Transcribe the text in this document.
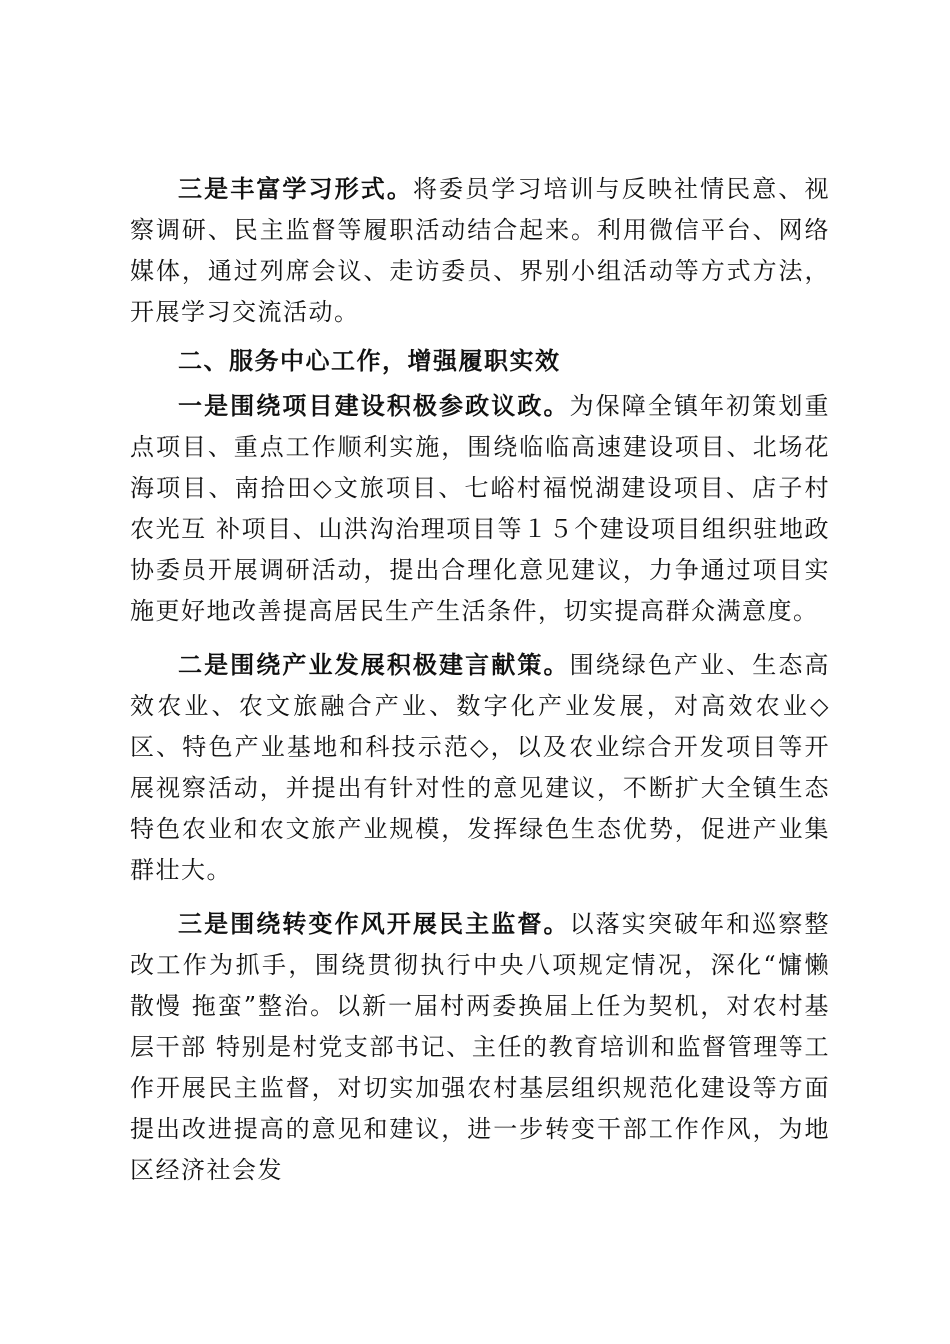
三是丰富学习形式。将委员学习培训与反映社情民意、视察调研、民主监督等履职活动结合起来。利用微信平台、网络媒体，通过列席会议、走访委员、界别小组活动等方式方法，开展学习交流活动。

二、服务中心工作，增强履职实效

一是围绕项目建设积极参政议政。为保障全镇年初策划重点项目、重点工作顺利实施，围绕临临高速建设项目、北场花海项目、南拾田◇文旅项目、七峪村福悦湖建设项目、店子村农光互 补项目、山洪沟治理项目等１５个建设项目组织驻地政协委员开展调研活动，提出合理化意见建议，力争通过项目实施更好地改善提高居民生产生活条件，切实提高群众满意度。

二是围绕产业发展积极建言献策。围绕绿色产业、生态高效农业、农文旅融合产业、数字化产业发展，对高效农业◇区、特色产业基地和科技示范◇，以及农业综合开发项目等开展视察活动，并提出有针对性的意见建议，不断扩大全镇生态特色农业和农文旅产业规模，发挥绿色生态优势，促进产业集群壮大。

三是围绕转变作风开展民主监督。以落实突破年和巡察整改工作为抓手，围绕贯彻执行中央八项规定情况，深化“慵懒散慢 拖蛮”整治。以新一届村两委换届上任为契机，对农村基层干部 特别是村党支部书记、主任的教育培训和监督管理等工作开展民主监督，对切实加强农村基层组织规范化建设等方面提出改进提高的意见和建议，进一步转变干部工作作风，为地区经济社会发
